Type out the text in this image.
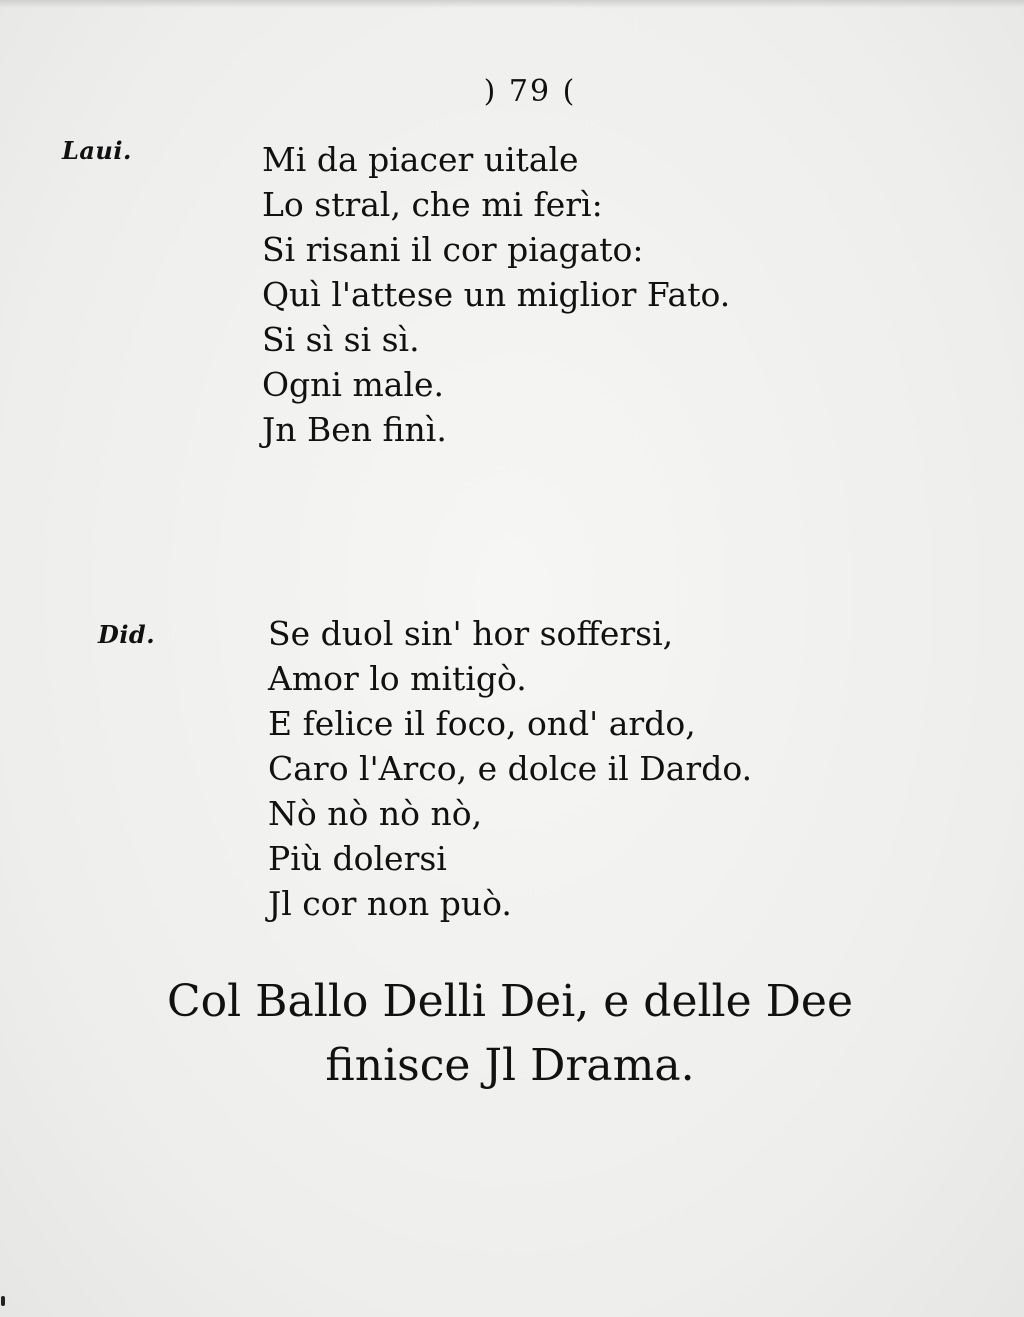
) 79 (
Laui.	Mi da piacer uitale
Lo stral, che mi ferì:
Si risani il cor piagato:
Quì l'attese un miglior Fato.
Si sì si sì.
Ogni male.
Jn Ben finì.
Did.	Se duol sin' hor soffersi,
Amor lo mitigò.
E felice il foco, ond' ardo,
Caro l'Arco, e dolce il Dardo.
Nò nò nò nò,
Più dolersi
Jl cor non può.
Col Ballo Delli Dei, e delle Dee
finisce Jl Drama.
